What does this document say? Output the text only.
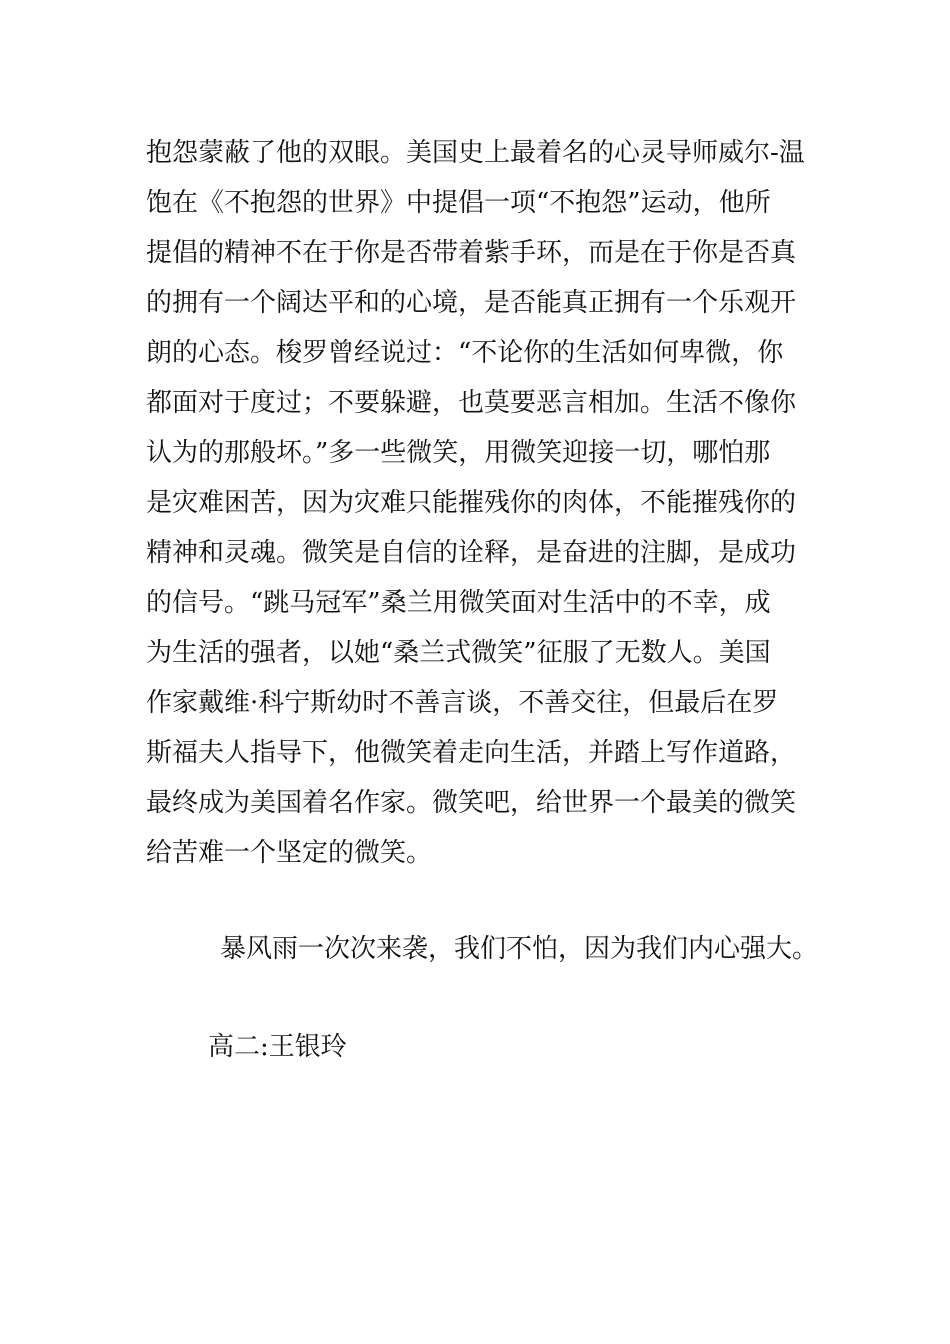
抱怨蒙蔽了他的双眼。美国史上最着名的心灵导师威尔-温
饱在《不抱怨的世界》中提倡一项“不抱怨”运动，他所
提倡的精神不在于你是否带着紫手环，而是在于你是否真
的拥有一个阔达平和的心境，是否能真正拥有一个乐观开
朗的心态。梭罗曾经说过：“不论你的生活如何卑微，你
都面对于度过；不要躲避，也莫要恶言相加。生活不像你
认为的那般坏。”多一些微笑，用微笑迎接一切，哪怕那
是灾难困苦，因为灾难只能摧残你的肉体，不能摧残你的
精神和灵魂。微笑是自信的诠释，是奋进的注脚，是成功
的信号。“跳马冠军”桑兰用微笑面对生活中的不幸，成
为生活的强者，以她“桑兰式微笑”征服了无数人。美国
作家戴维·科宁斯幼时不善言谈，不善交往，但最后在罗
斯福夫人指导下，他微笑着走向生活，并踏上写作道路，
最终成为美国着名作家。微笑吧，给世界一个最美的微笑
给苦难一个坚定的微笑。
暴风雨一次次来袭，我们不怕，因为我们内心强大。
高二:王银玲
